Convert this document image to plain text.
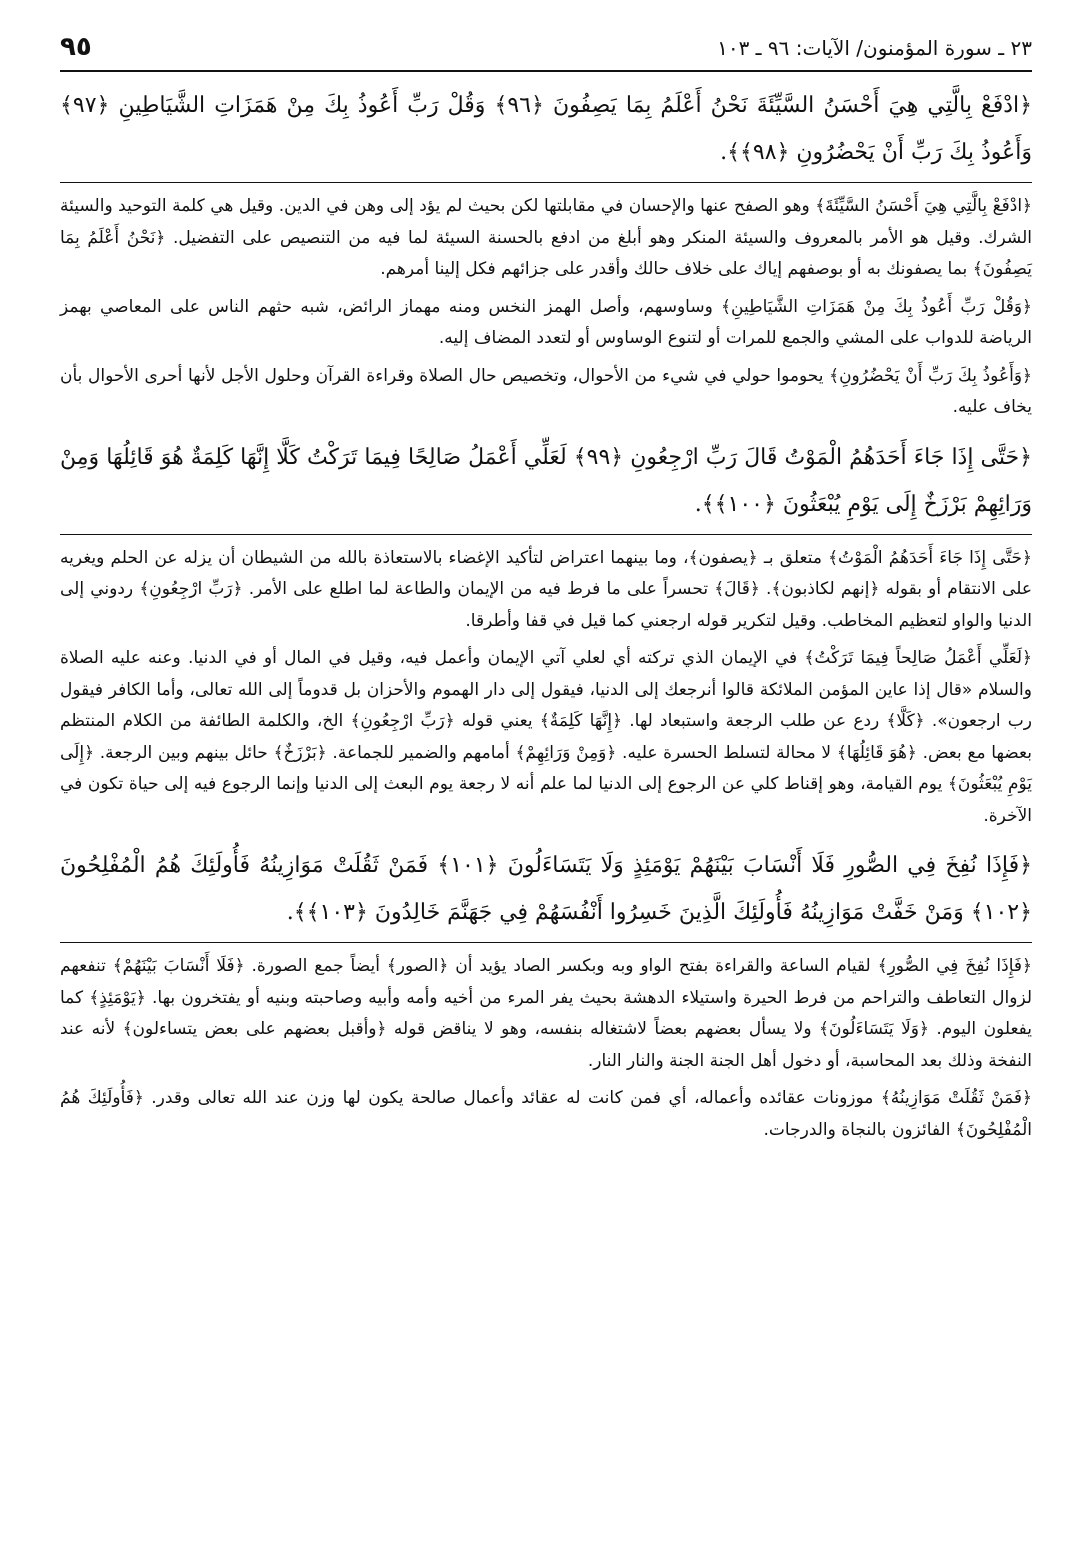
٢٣ ـ سورة المؤمنون/ الآيات: ٩٦ ـ ١٠٣
٩٥
﴿ادْفَعْ بِالَّتِي هِيَ أَحْسَنُ السَّيِّئَةَ نَحْنُ أَعْلَمُ بِمَا يَصِفُونَ ﴿٩٦﴾ وَقُلْ رَبِّ أَعُوذُ بِكَ مِنْ هَمَزَاتِ الشَّيَاطِينِ ﴿٩٧﴾ وَأَعُوذُ بِكَ رَبِّ أَنْ يَحْضُرُونِ ﴿٩٨﴾﴾.
﴿ادْفَعْ بِالَّتِي هِيَ أَحْسَنُ السَّيِّئَةَ﴾ وهو الصفح عنها والإحسان في مقابلتها لكن بحيث لم يؤد إلى وهن في الدين. وقيل هي كلمة التوحيد والسيئة الشرك. وقيل هو الأمر بالمعروف والسيئة المنكر وهو أبلغ من ادفع بالحسنة السيئة لما فيه من التنصيص على التفضيل. ﴿نَحْنُ أَعْلَمُ بِمَا يَصِفُونَ﴾ بما يصفونك به أو بوصفهم إياك على خلاف حالك وأقدر على جزائهم فكل إلينا أمرهم.
﴿وَقُلْ رَبِّ أَعُوذُ بِكَ مِنْ هَمَزَاتِ الشَّيَاطِينِ﴾ وساوسهم، وأصل الهمز النخس ومنه مهماز الرائض، شبه حثهم الناس على المعاصي بهمز الرياضة للدواب على المشي والجمع للمرات أو لتنوع الوساوس أو لتعدد المضاف إليه.
﴿وَأَعُوذُ بِكَ رَبِّ أَنْ يَحْضُرُونِ﴾ يحوموا حولي في شيء من الأحوال، وتخصيص حال الصلاة وقراءة القرآن وحلول الأجل لأنها أحرى الأحوال بأن يخاف عليه.
﴿حَتَّى إِذَا جَاءَ أَحَدَهُمُ الْمَوْتُ قَالَ رَبِّ ارْجِعُونِ ﴿٩٩﴾ لَعَلِّي أَعْمَلُ صَالِحًا فِيمَا تَرَكْتُ كَلَّا إِنَّهَا كَلِمَةٌ هُوَ قَائِلُهَا وَمِنْ وَرَائِهِمْ بَرْزَخٌ إِلَى يَوْمِ يُبْعَثُونَ ﴿١٠٠﴾﴾.
﴿حَتَّى إِذَا جَاءَ أَحَدَهُمُ الْمَوْتُ﴾ متعلق بـ ﴿يصفون﴾، وما بينهما اعتراض لتأكيد الإغضاء بالاستعاذة بالله من الشيطان أن يزله عن الحلم ويغريه على الانتقام أو بقوله ﴿إنهم لكاذبون﴾. ﴿قَالَ﴾ تحسراً على ما فرط فيه من الإيمان والطاعة لما اطلع على الأمر. ﴿رَبِّ ارْجِعُونِ﴾ ردوني إلى الدنيا والواو لتعظيم المخاطب. وقيل لتكرير قوله ارجعني كما قيل في قفا وأطرقا.
﴿لَعَلِّي أَعْمَلُ صَالِحاً فِيمَا تَرَكْتُ﴾ في الإيمان الذي تركته أي لعلي آتي الإيمان وأعمل فيه، وقيل في المال أو في الدنيا. وعنه عليه الصلاة والسلام «قال إذا عاين المؤمن الملائكة قالوا أنرجعك إلى الدنيا، فيقول إلى دار الهموم والأحزان بل قدوماً إلى الله تعالى، وأما الكافر فيقول رب ارجعون». ﴿كَلَّا﴾ ردع عن طلب الرجعة واستبعاد لها. ﴿إِنَّهَا كَلِمَةٌ﴾ يعني قوله ﴿رَبِّ ارْجِعُونِ﴾ الخ، والكلمة الطائفة من الكلام المنتظم بعضها مع بعض. ﴿هُوَ قَائِلُهَا﴾ لا محالة لتسلط الحسرة عليه. ﴿وَمِنْ وَرَائِهِمْ﴾ أمامهم والضمير للجماعة. ﴿بَرْزَخٌ﴾ حائل بينهم وبين الرجعة. ﴿إِلَى يَوْمِ يُبْعَثُونَ﴾ يوم القيامة، وهو إقناط كلي عن الرجوع إلى الدنيا لما علم أنه لا رجعة يوم البعث إلى الدنيا وإنما الرجوع فيه إلى حياة تكون في الآخرة.
﴿فَإِذَا نُفِخَ فِي الصُّورِ فَلَا أَنْسَابَ بَيْنَهُمْ يَوْمَئِذٍ وَلَا يَتَسَاءَلُونَ ﴿١٠١﴾ فَمَنْ ثَقُلَتْ مَوَازِينُهُ فَأُولَئِكَ هُمُ الْمُفْلِحُونَ ﴿١٠٢﴾ وَمَنْ خَفَّتْ مَوَازِينُهُ فَأُولَئِكَ الَّذِينَ خَسِرُوا أَنْفُسَهُمْ فِي جَهَنَّمَ خَالِدُونَ ﴿١٠٣﴾﴾.
﴿فَإِذَا نُفِخَ فِي الصُّورِ﴾ لقيام الساعة والقراءة بفتح الواو وبه وبكسر الصاد يؤيد أن ﴿الصور﴾ أيضاً جمع الصورة. ﴿فَلَا أَنْسَابَ بَيْنَهُمْ﴾ تنفعهم لزوال التعاطف والتراحم من فرط الحيرة واستيلاء الدهشة بحيث يفر المرء من أخيه وأمه وأبيه وصاحبته وبنيه أو يفتخرون بها. ﴿يَوْمَئِذٍ﴾ كما يفعلون اليوم. ﴿وَلَا يَتَسَاءَلُونَ﴾ ولا يسأل بعضهم بعضاً لاشتغاله بنفسه، وهو لا يناقض قوله ﴿وأقبل بعضهم على بعض يتساءلون﴾ لأنه عند النفخة وذلك بعد المحاسبة، أو دخول أهل الجنة الجنة والنار النار.
﴿فَمَنْ ثَقُلَتْ مَوَازِينُهُ﴾ موزونات عقائده وأعماله، أي فمن كانت له عقائد وأعمال صالحة يكون لها وزن عند الله تعالى وقدر. ﴿فَأُولَئِكَ هُمُ الْمُفْلِحُونَ﴾ الفائزون بالنجاة والدرجات.
